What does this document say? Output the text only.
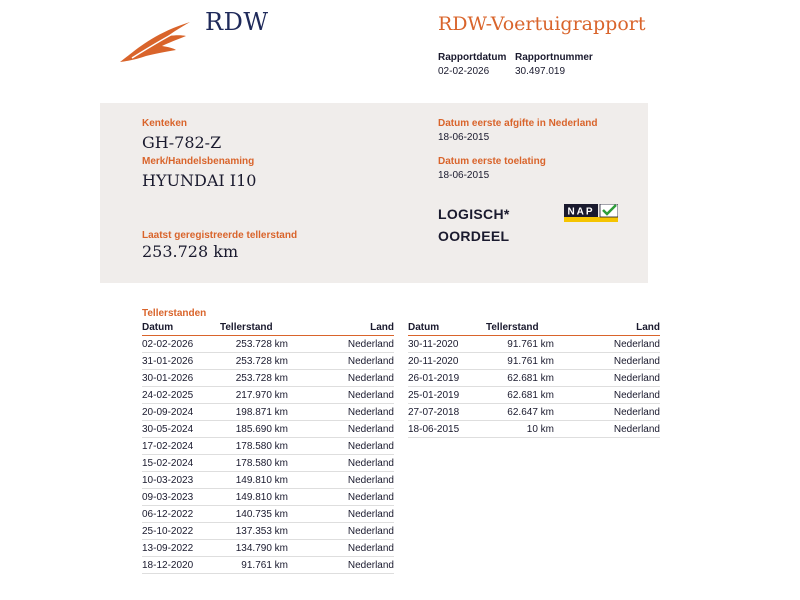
RDW	RDW-Voertuigrapport
Rapportdatum
02-02-2026
Rapportnummer
30.497.019
Kenteken
GH-782-Z
Merk/Handelsbenaming
HYUNDAI I10
Laatst geregistreerde tellerstand
253.728 km
Datum eerste afgifte in Nederland
18-06-2015
Datum eerste toelating
18-06-2015
LOGISCH*
OORDEEL
NAP
Tellerstanden
Datum	Tellerstand	Land
02-02-2026	253.728 km	Nederland
31-01-2026	253.728 km	Nederland
30-01-2026	253.728 km	Nederland
24-02-2025	217.970 km	Nederland
20-09-2024	198.871 km	Nederland
30-05-2024	185.690 km	Nederland
17-02-2024	178.580 km	Nederland
15-02-2024	178.580 km	Nederland
10-03-2023	149.810 km	Nederland
09-03-2023	149.810 km	Nederland
06-12-2022	140.735 km	Nederland
25-10-2022	137.353 km	Nederland
13-09-2022	134.790 km	Nederland
18-12-2020	91.761 km	Nederland
Datum	Tellerstand	Land
30-11-2020	91.761 km	Nederland
20-11-2020	91.761 km	Nederland
26-01-2019	62.681 km	Nederland
25-01-2019	62.681 km	Nederland
27-07-2018	62.647 km	Nederland
18-06-2015	10 km	Nederland
